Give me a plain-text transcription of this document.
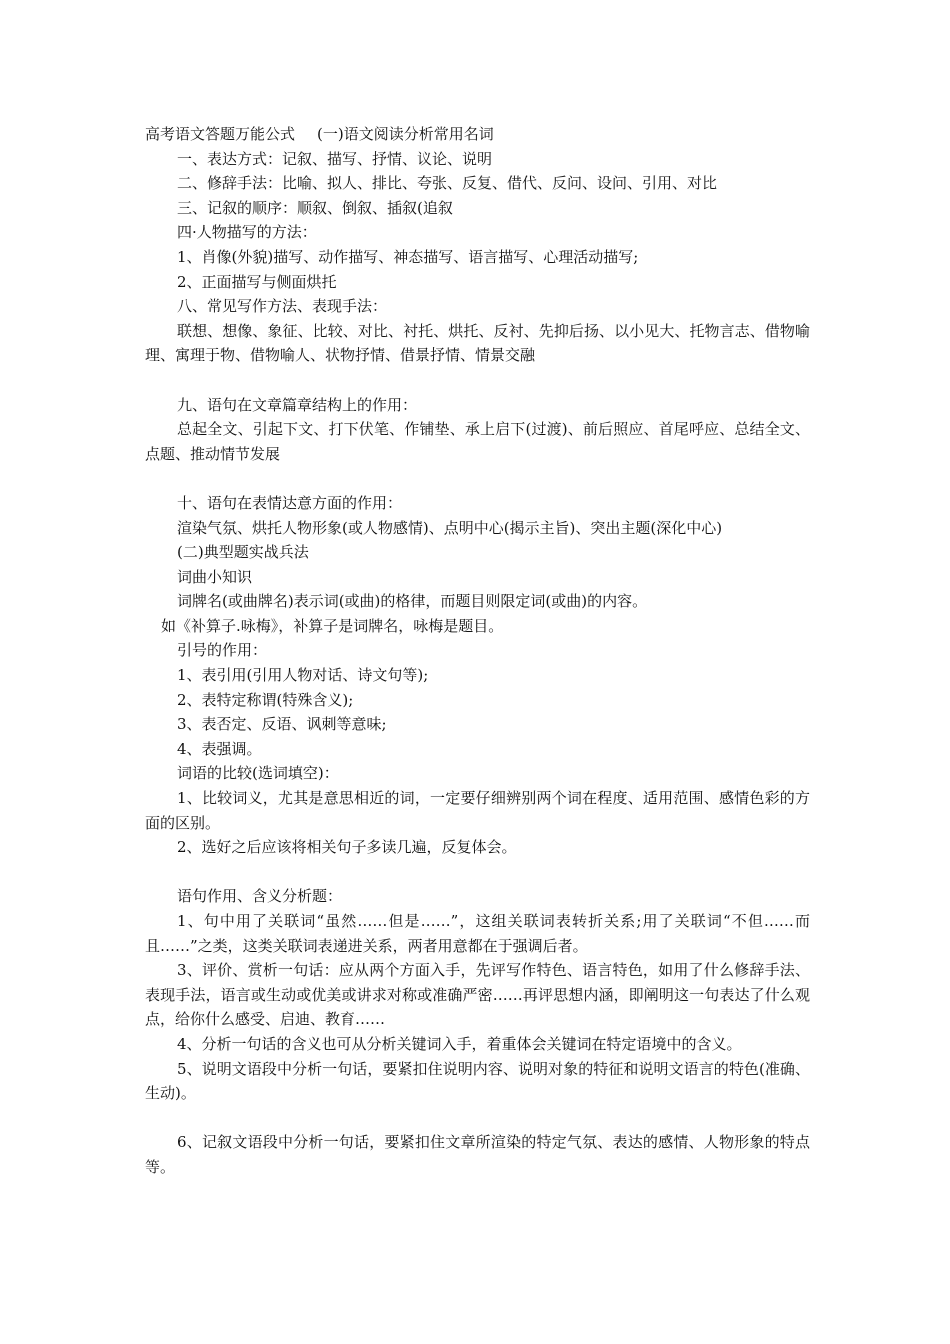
高考语文答题万能公式 (一)语文阅读分析常用名词
一、表达方式：记叙、描写、抒情、议论、说明
二、修辞手法：比喻、拟人、排比、夸张、反复、借代、反问、设问、引用、对比
三、记叙的顺序：顺叙、倒叙、插叙(追叙
四·人物描写的方法：
1、肖像(外貌)描写、动作描写、神态描写、语言描写、心理活动描写;
2、正面描写与侧面烘托
八、常见写作方法、表现手法：
联想、想像、象征、比较、对比、衬托、烘托、反衬、先抑后扬、以小见大、托物言志、借物喻理、寓理于物、借物喻人、状物抒情、借景抒情、情景交融
九、语句在文章篇章结构上的作用：
总起全文、引起下文、打下伏笔、作铺垫、承上启下(过渡)、前后照应、首尾呼应、总结全文、点题、推动情节发展
十、语句在表情达意方面的作用：
渲染气氛、烘托人物形象(或人物感情)、点明中心(揭示主旨)、突出主题(深化中心)
(二)典型题实战兵法
词曲小知识
词牌名(或曲牌名)表示词(或曲)的格律，而题目则限定词(或曲)的内容。
如《补算子.咏梅》，补算子是词牌名，咏梅是题目。
引号的作用：
1、表引用(引用人物对话、诗文句等);
2、表特定称谓(特殊含义);
3、表否定、反语、讽刺等意味;
4、表强调。
词语的比较(选词填空)：
1、比较词义，尤其是意思相近的词，一定要仔细辨别两个词在程度、适用范围、感情色彩的方面的区别。
2、选好之后应该将相关句子多读几遍，反复体会。
语句作用、含义分析题：
1、句中用了关联词“虽然……但是……”，这组关联词表转折关系;用了关联词“不但……而且……”之类，这类关联词表递进关系，两者用意都在于强调后者。
3、评价、赏析一句话：应从两个方面入手，先评写作特色、语言特色，如用了什么修辞手法、表现手法，语言或生动或优美或讲求对称或准确严密……再评思想内涵，即阐明这一句表达了什么观点，给你什么感受、启迪、教育……
4、分析一句话的含义也可从分析关键词入手，着重体会关键词在特定语境中的含义。
5、说明文语段中分析一句话，要紧扣住说明内容、说明对象的特征和说明文语言的特色(准确、生动)。
6、记叙文语段中分析一句话，要紧扣住文章所渲染的特定气氛、表达的感情、人物形象的特点等。
